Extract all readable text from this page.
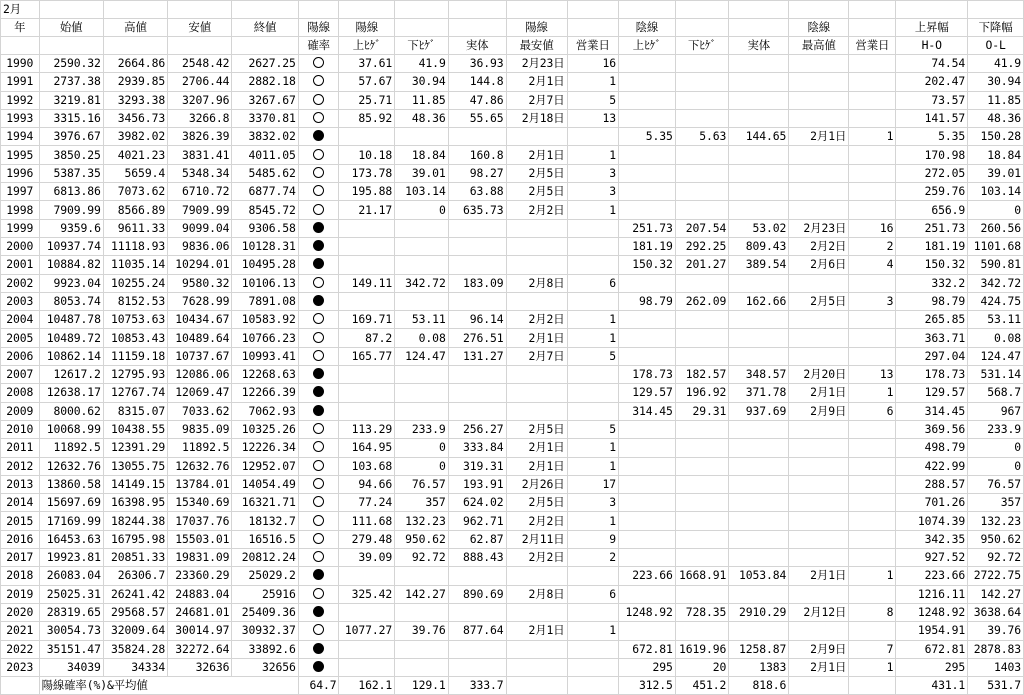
2月																	
年	始値	高値	安値	終値	陽線	陽線			陽線		陰線			陰線		上昇幅	下降幅
					確率	上ﾋｹﾞ	下ﾋｹﾞ	実体	最安値	営業日	上ﾋｹﾞ	下ﾋｹﾞ	実体	最高値	営業日	H-O	O-L
1990	2590.32	2664.86	2548.42	2627.25		37.61	41.9	36.93	2月23日	16						74.54	41.9
1991	2737.38	2939.85	2706.44	2882.18		57.67	30.94	144.8	2月1日	1						202.47	30.94
1992	3219.81	3293.38	3207.96	3267.67		25.71	11.85	47.86	2月7日	5						73.57	11.85
1993	3315.16	3456.73	3266.8	3370.81		85.92	48.36	55.65	2月18日	13						141.57	48.36
1994	3976.67	3982.02	3826.39	3832.02							5.35	5.63	144.65	2月1日	1	5.35	150.28
1995	3850.25	4021.23	3831.41	4011.05		10.18	18.84	160.8	2月1日	1						170.98	18.84
1996	5387.35	5659.4	5348.34	5485.62		173.78	39.01	98.27	2月5日	3						272.05	39.01
1997	6813.86	7073.62	6710.72	6877.74		195.88	103.14	63.88	2月5日	3						259.76	103.14
1998	7909.99	8566.89	7909.99	8545.72		21.17	0	635.73	2月2日	1						656.9	0
1999	9359.6	9611.33	9099.04	9306.58							251.73	207.54	53.02	2月23日	16	251.73	260.56
2000	10937.74	11118.93	9836.06	10128.31							181.19	292.25	809.43	2月2日	2	181.19	1101.68
2001	10884.82	11035.14	10294.01	10495.28							150.32	201.27	389.54	2月6日	4	150.32	590.81
2002	9923.04	10255.24	9580.32	10106.13		149.11	342.72	183.09	2月8日	6						332.2	342.72
2003	8053.74	8152.53	7628.99	7891.08							98.79	262.09	162.66	2月5日	3	98.79	424.75
2004	10487.78	10753.63	10434.67	10583.92		169.71	53.11	96.14	2月2日	1						265.85	53.11
2005	10489.72	10853.43	10489.64	10766.23		87.2	0.08	276.51	2月1日	1						363.71	0.08
2006	10862.14	11159.18	10737.67	10993.41		165.77	124.47	131.27	2月7日	5						297.04	124.47
2007	12617.2	12795.93	12086.06	12268.63							178.73	182.57	348.57	2月20日	13	178.73	531.14
2008	12638.17	12767.74	12069.47	12266.39							129.57	196.92	371.78	2月1日	1	129.57	568.7
2009	8000.62	8315.07	7033.62	7062.93							314.45	29.31	937.69	2月9日	6	314.45	967
2010	10068.99	10438.55	9835.09	10325.26		113.29	233.9	256.27	2月5日	5						369.56	233.9
2011	11892.5	12391.29	11892.5	12226.34		164.95	0	333.84	2月1日	1						498.79	0
2012	12632.76	13055.75	12632.76	12952.07		103.68	0	319.31	2月1日	1						422.99	0
2013	13860.58	14149.15	13784.01	14054.49		94.66	76.57	193.91	2月26日	17						288.57	76.57
2014	15697.69	16398.95	15340.69	16321.71		77.24	357	624.02	2月5日	3						701.26	357
2015	17169.99	18244.38	17037.76	18132.7		111.68	132.23	962.71	2月2日	1						1074.39	132.23
2016	16453.63	16795.98	15503.01	16516.5		279.48	950.62	62.87	2月11日	9						342.35	950.62
2017	19923.81	20851.33	19831.09	20812.24		39.09	92.72	888.43	2月2日	2						927.52	92.72
2018	26083.04	26306.7	23360.29	25029.2							223.66	1668.91	1053.84	2月1日	1	223.66	2722.75
2019	25025.31	26241.42	24883.04	25916		325.42	142.27	890.69	2月8日	6						1216.11	142.27
2020	28319.65	29568.57	24681.01	25409.36							1248.92	728.35	2910.29	2月12日	8	1248.92	3638.64
2021	30054.73	32009.64	30014.97	30932.37		1077.27	39.76	877.64	2月1日	1						1954.91	39.76
2022	35151.47	35824.28	32272.64	33892.6							672.81	1619.96	1258.87	2月9日	7	672.81	2878.83
2023	34039	34334	32636	32656							295	20	1383	2月1日	1	295	1403
	陽線確率(%)&平均値				64.7	162.1	129.1	333.7			312.5	451.2	818.6			431.1	531.7
